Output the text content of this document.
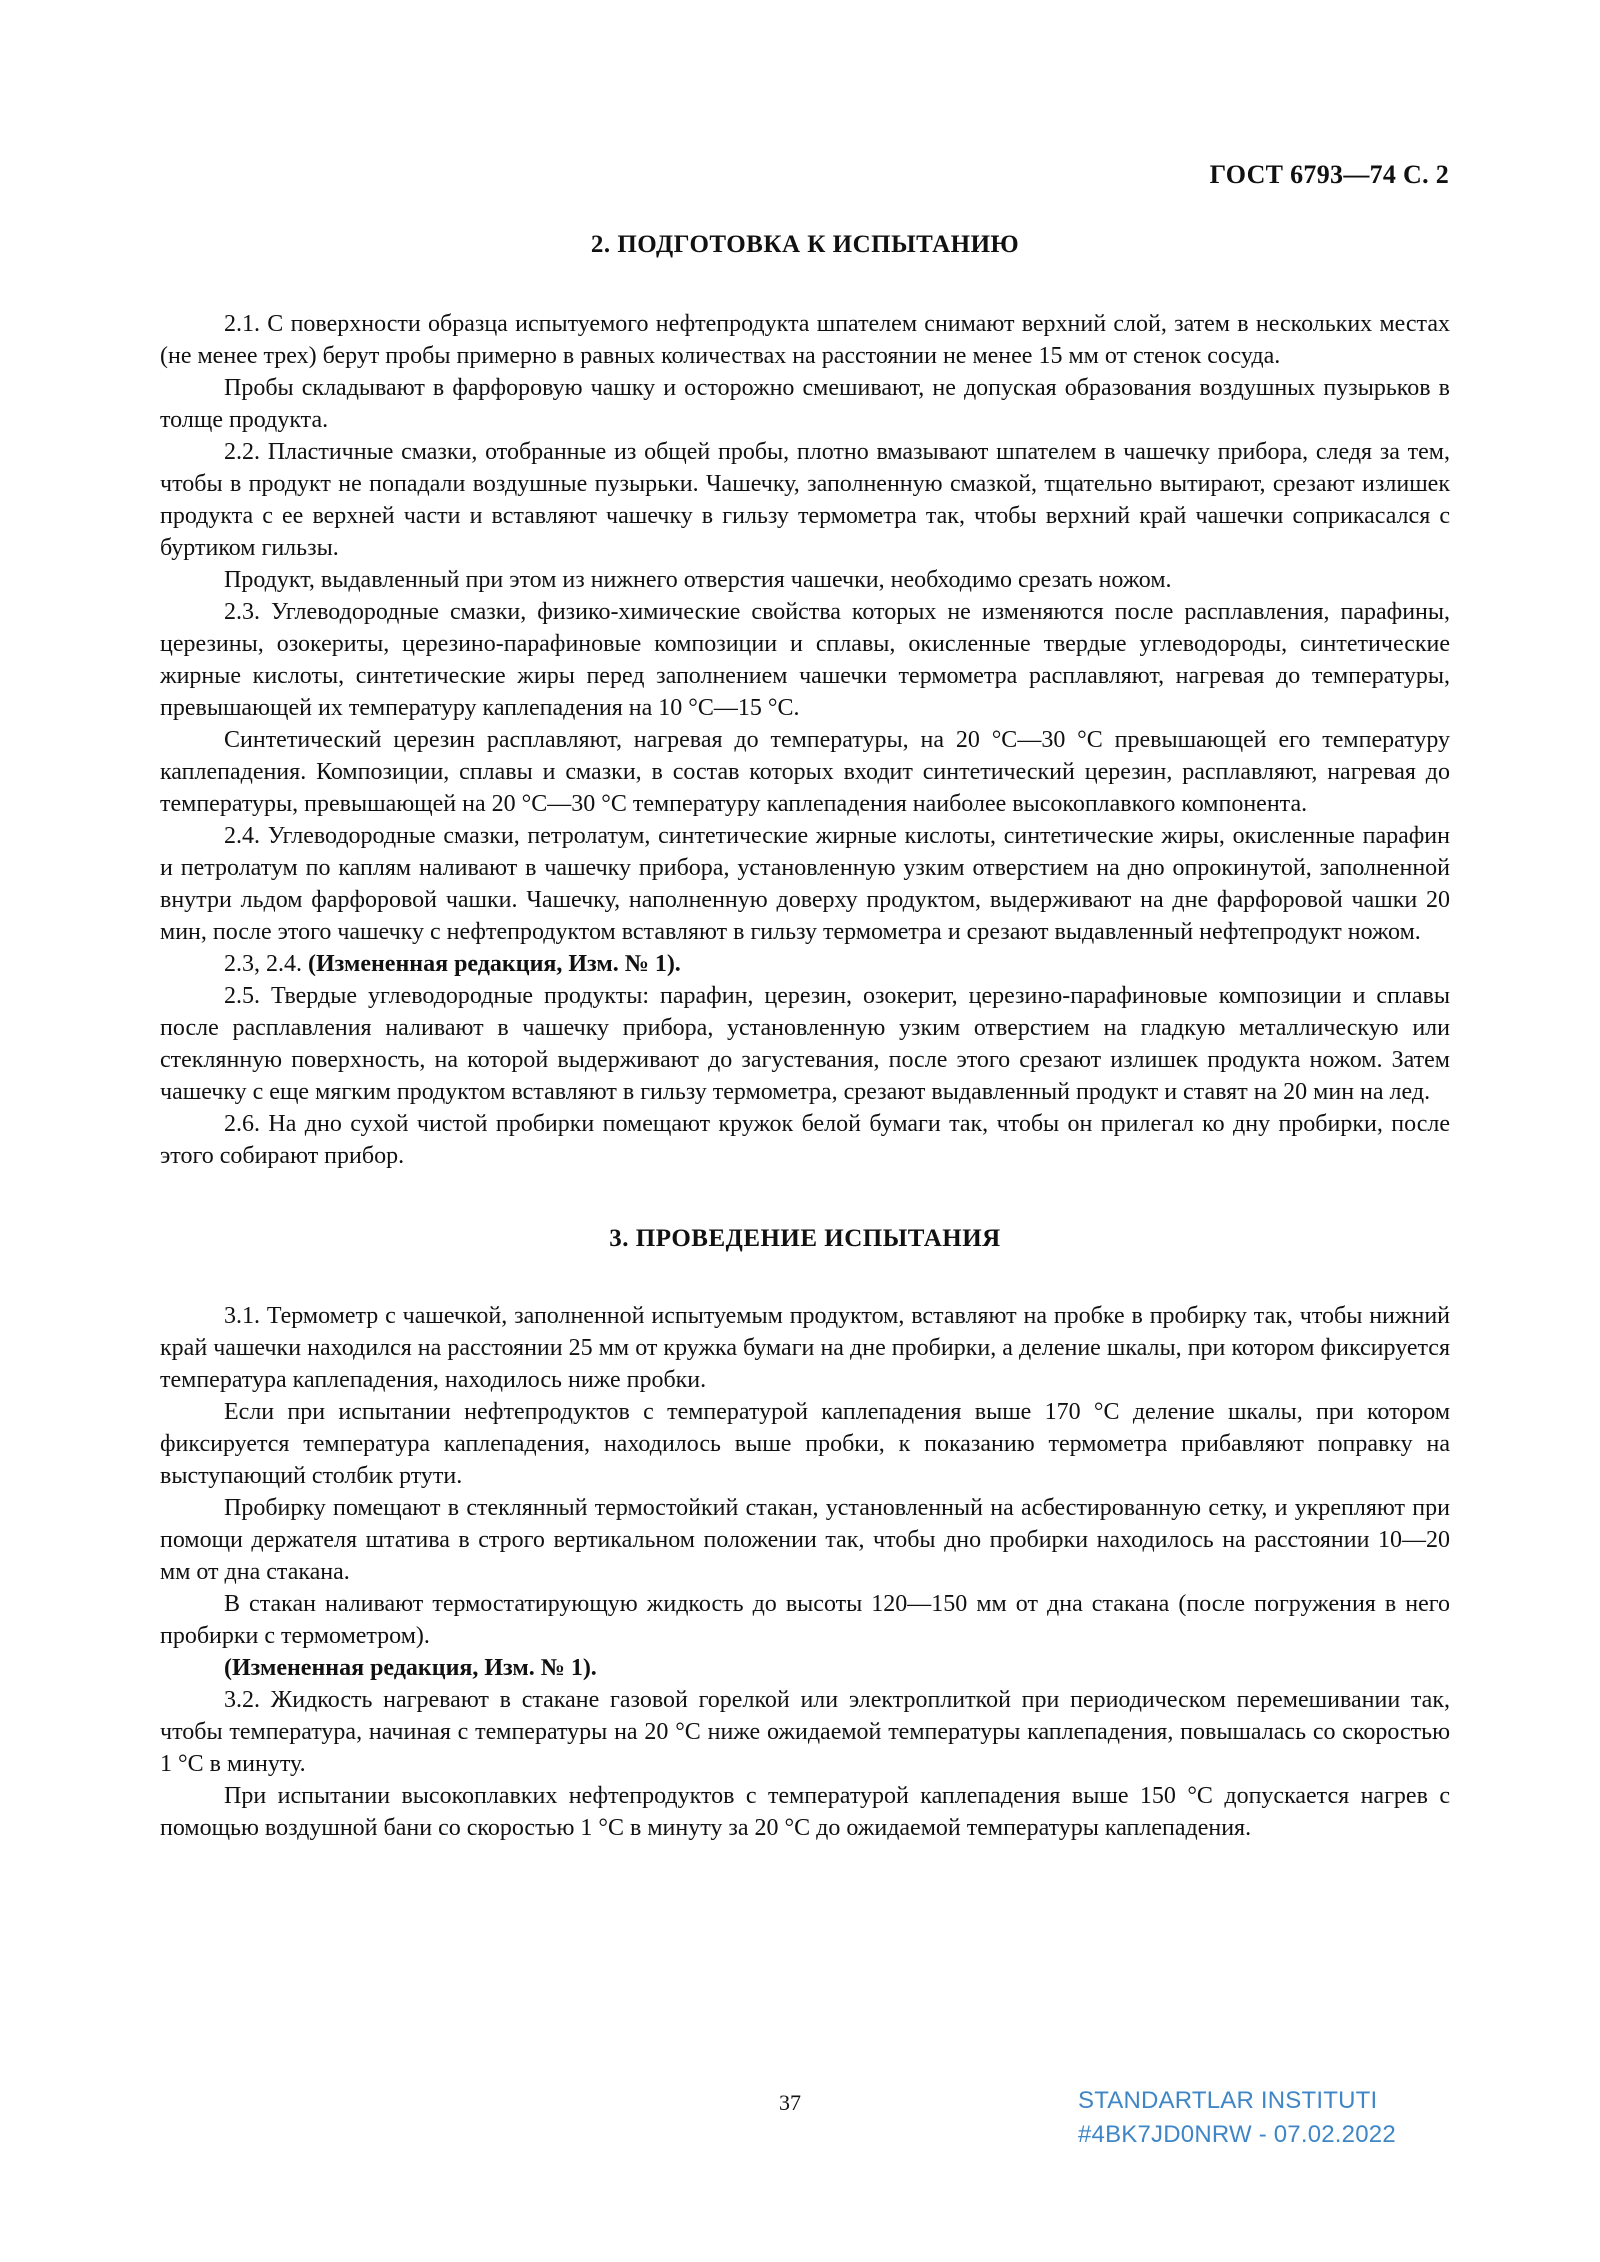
ГОСТ 6793—74 С. 2
2. ПОДГОТОВКА К ИСПЫТАНИЮ

2.1. С поверхности образца испытуемого нефтепродукта шпателем снимают верхний слой, затем в нескольких местах (не менее трех) берут пробы примерно в равных количествах на расстоянии не менее 15 мм от стенок сосуда.

Пробы складывают в фарфоровую чашку и осторожно смешивают, не допуская образования воздушных пузырьков в толще продукта.

2.2. Пластичные смазки, отобранные из общей пробы, плотно вмазывают шпателем в чашечку прибора, следя за тем, чтобы в продукт не попадали воздушные пузырьки. Чашечку, заполненную смазкой, тщательно вытирают, срезают излишек продукта с ее верхней части и вставляют чашечку в гильзу термометра так, чтобы верхний край чашечки соприкасался с буртиком гильзы.

Продукт, выдавленный при этом из нижнего отверстия чашечки, необходимо срезать ножом.

2.3. Углеводородные смазки, физико-химические свойства которых не изменяются после расплавления, парафины, церезины, озокериты, церезино-парафиновые композиции и сплавы, окисленные твердые углеводороды, синтетические жирные кислоты, синтетические жиры перед заполнением чашечки термометра расплавляют, нагревая до температуры, превышающей их температуру каплепадения на 10 °С—15 °С.

Синтетический церезин расплавляют, нагревая до температуры, на 20 °С—30 °С превышающей его температуру каплепадения. Композиции, сплавы и смазки, в состав которых входит синтетический церезин, расплавляют, нагревая до температуры, превышающей на 20 °С—30 °С температуру каплепадения наиболее высокоплавкого компонента.

2.4. Углеводородные смазки, петролатум, синтетические жирные кислоты, синтетические жиры, окисленные парафин и петролатум по каплям наливают в чашечку прибора, установленную узким отверстием на дно опрокинутой, заполненной внутри льдом фарфоровой чашки. Чашечку, наполненную доверху продуктом, выдерживают на дне фарфоровой чашки 20 мин, после этого чашечку с нефтепродуктом вставляют в гильзу термометра и срезают выдавленный нефтепродукт ножом.

2.3, 2.4. (Измененная редакция, Изм. № 1).

2.5. Твердые углеводородные продукты: парафин, церезин, озокерит, церезино-парафиновые композиции и сплавы после расплавления наливают в чашечку прибора, установленную узким отверстием на гладкую металлическую или стеклянную поверхность, на которой выдерживают до загустевания, после этого срезают излишек продукта ножом. Затем чашечку с еще мягким продуктом вставляют в гильзу термометра, срезают выдавленный продукт и ставят на 20 мин на лед.

2.6. На дно сухой чистой пробирки помещают кружок белой бумаги так, чтобы он прилегал ко дну пробирки, после этого собирают прибор.

3. ПРОВЕДЕНИЕ ИСПЫТАНИЯ

3.1. Термометр с чашечкой, заполненной испытуемым продуктом, вставляют на пробке в пробирку так, чтобы нижний край чашечки находился на расстоянии 25 мм от кружка бумаги на дне пробирки, а деление шкалы, при котором фиксируется температура каплепадения, находилось ниже пробки.

Если при испытании нефтепродуктов с температурой каплепадения выше 170 °С деление шкалы, при котором фиксируется температура каплепадения, находилось выше пробки, к показанию термометра прибавляют поправку на выступающий столбик ртути.

Пробирку помещают в стеклянный термостойкий стакан, установленный на асбестированную сетку, и укрепляют при помощи держателя штатива в строго вертикальном положении так, чтобы дно пробирки находилось на расстоянии 10—20 мм от дна стакана.

В стакан наливают термостатирующую жидкость до высоты 120—150 мм от дна стакана (после погружения в него пробирки с термометром).

(Измененная редакция, Изм. № 1).

3.2. Жидкость нагревают в стакане газовой горелкой или электроплиткой при периодическом перемешивании так, чтобы температура, начиная с температуры на 20 °С ниже ожидаемой температуры каплепадения, повышалась со скоростью 1 °С в минуту.

При испытании высокоплавких нефтепродуктов с температурой каплепадения выше 150 °С допускается нагрев с помощью воздушной бани со скоростью 1 °С в минуту за 20 °С до ожидаемой температуры каплепадения.

37	STANDARTLAR INSTITUTI
#4BK7JD0NRW - 07.02.2022
